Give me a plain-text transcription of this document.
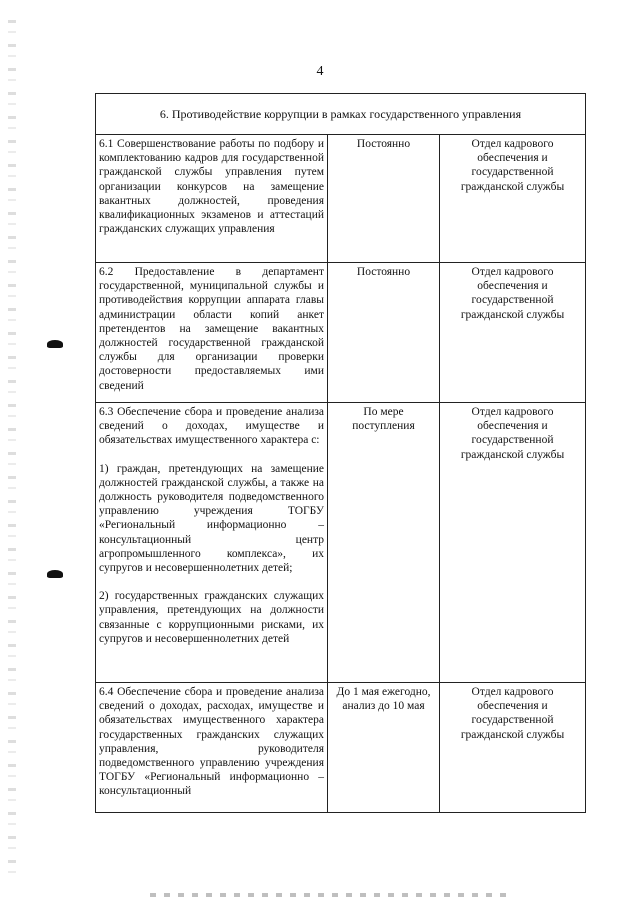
4
6. Противодействие коррупции в рамках государственного управления		
6.1 Совершенствование работы по подбору и комплектованию кадров для государственной гражданской службы управления путем организации конкурсов на замещение вакантных должностей, проведения квалификационных экзаменов и аттестаций гражданских служащих управления	Постоянно	Отдел кадрового обеспечения и государственной гражданской службы
6.2 Предоставление в департамент государственной, муниципальной службы и противодействия коррупции аппарата главы администрации области копий анкет претендентов на замещение вакантных должностей государственной гражданской службы для организации проверки достоверности предоставляемых ими сведений	Постоянно	Отдел кадрового обеспечения и государственной гражданской службы

6.3 Обеспечение сбора и проведение анализа сведений о доходах, имуществе и обязательствах имущественного характера с:
1) граждан, претендующих на замещение должностей гражданской службы, а также на должность руководителя подведомственного управлению учреждения ТОГБУ «Региональный информационно – консультационный центр агропромышленного комплекса», их супругов и несовершеннолетних детей;
2) государственных гражданских служащих управления, претендующих на должности связанные с коррупционными рисками, их супругов и несовершеннолетних детей	По мере поступления	Отдел кадрового обеспечения и государственной гражданской службы
6.4 Обеспечение сбора и проведение анализа сведений о доходах, расходах, имуществе и обязательствах имущественного характера государственных гражданских служащих управления, руководителя подведомственного управлению учреждения ТОГБУ «Региональный информационно – консультационный	До 1 мая ежегодно, анализ до 10 мая	Отдел кадрового обеспечения и государственной гражданской службы
